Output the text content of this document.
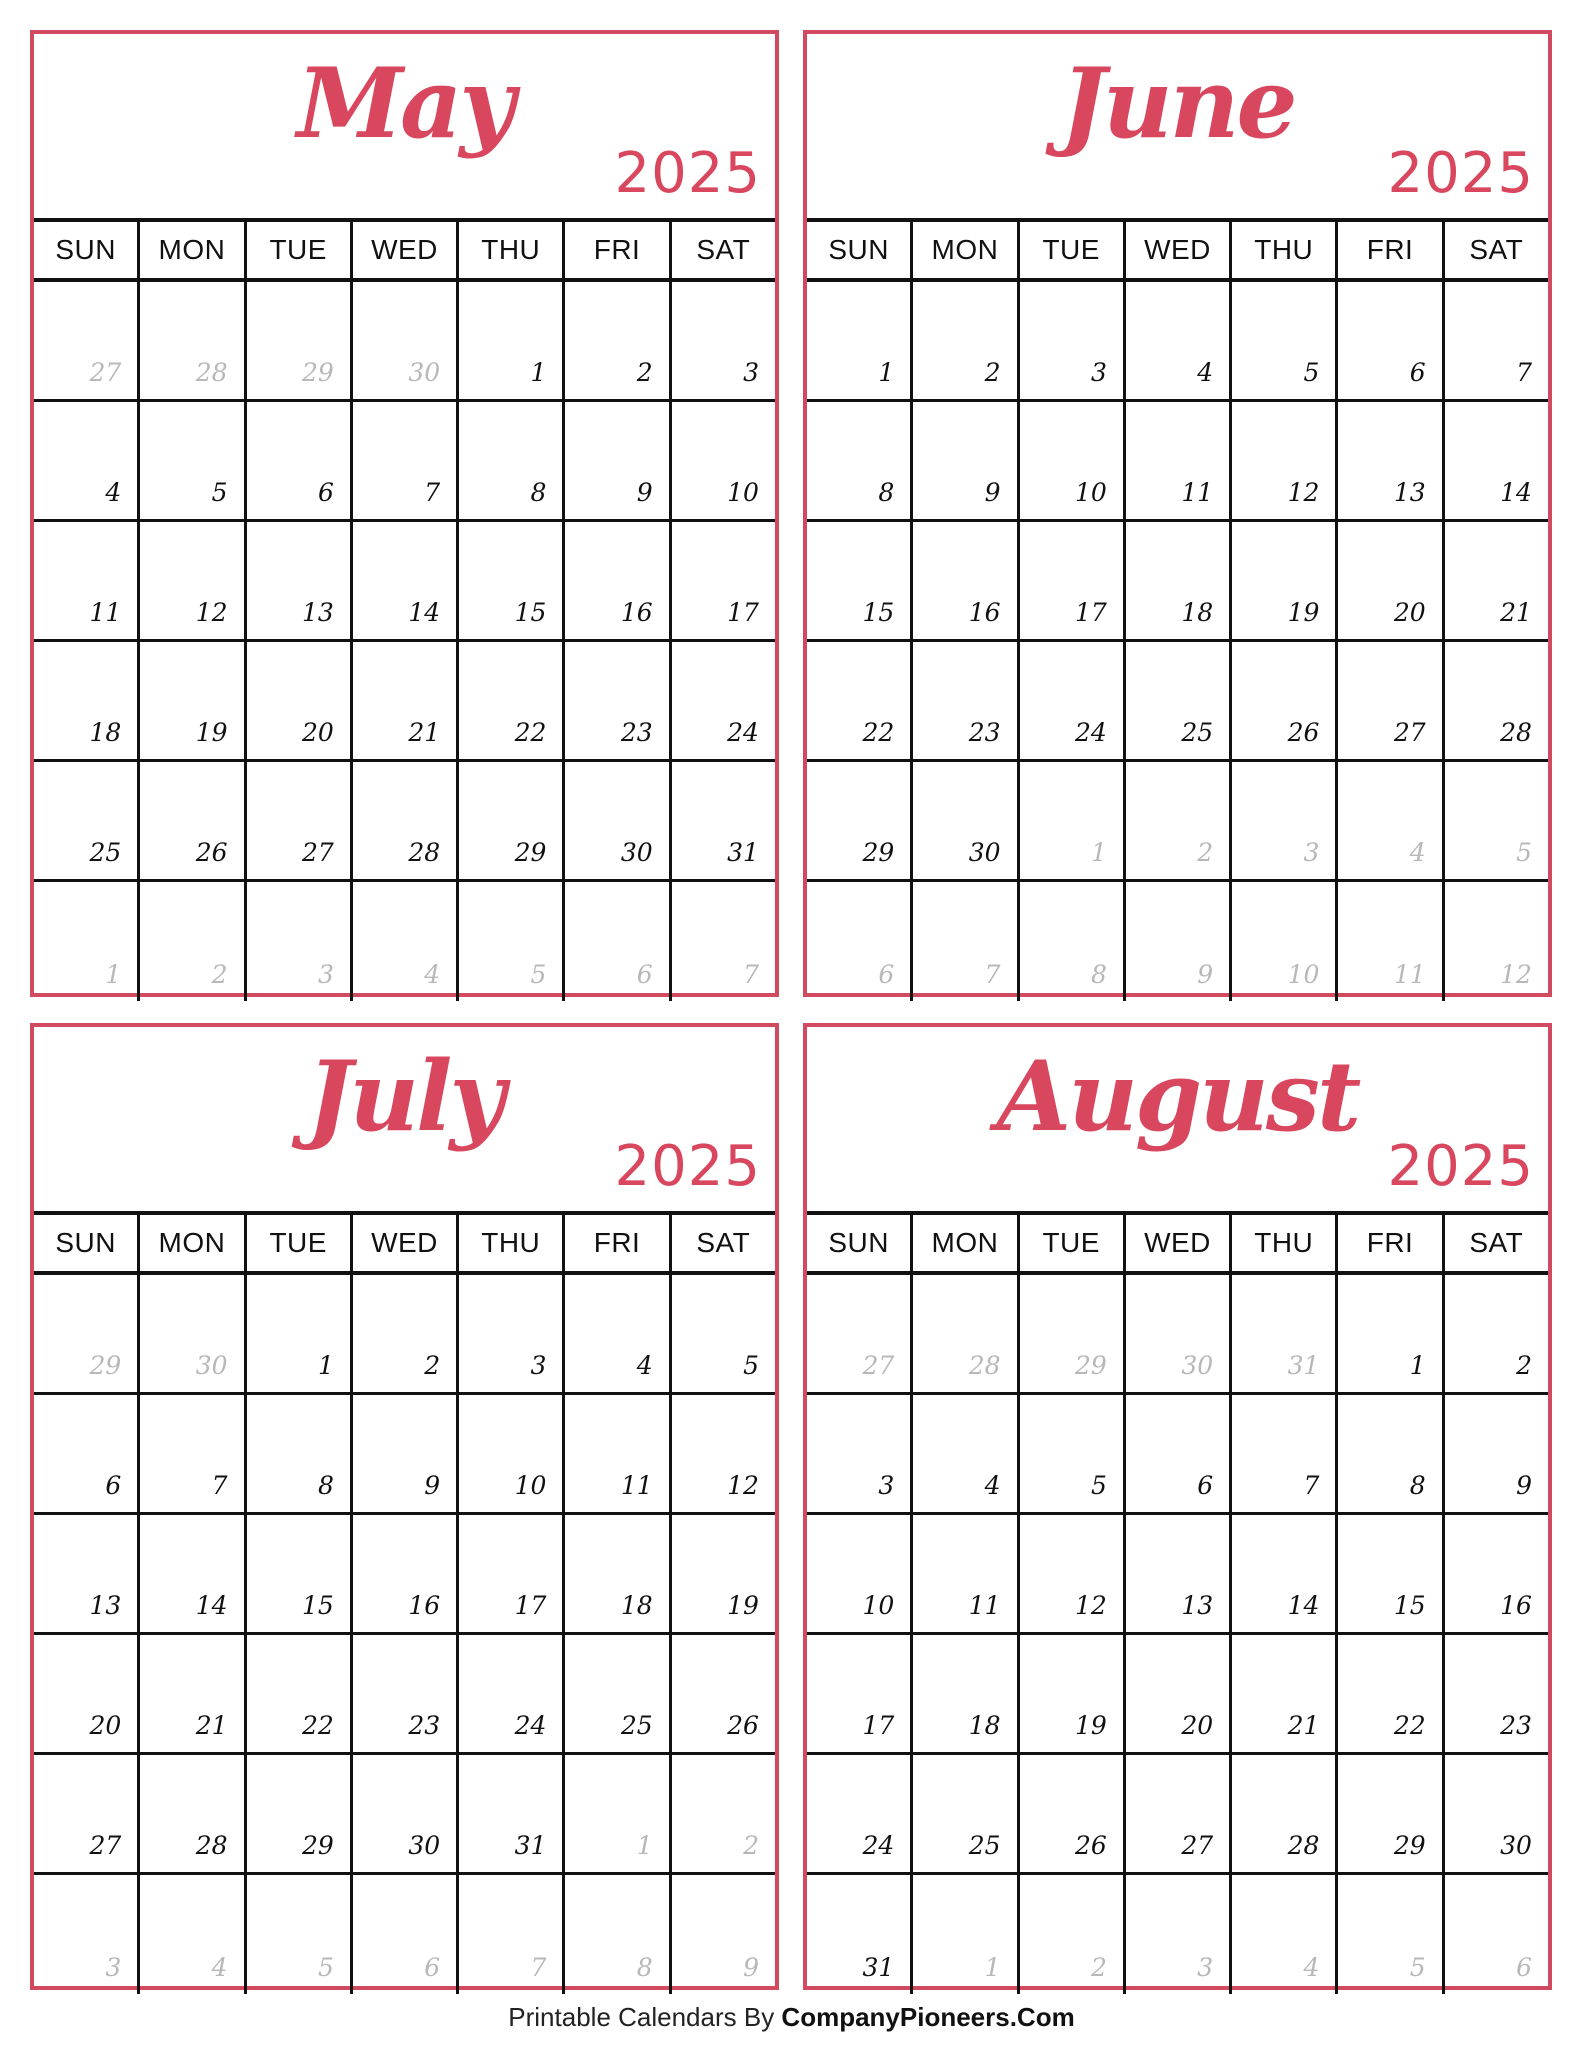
May
2025
SUN	MON	TUE	WED	THU	FRI	SAT
27	28	29	30	1	2	3
4	5	6	7	8	9	10
11	12	13	14	15	16	17
18	19	20	21	22	23	24
25	26	27	28	29	30	31
1	2	3	4	5	6	7
June
2025
SUN	MON	TUE	WED	THU	FRI	SAT
1	2	3	4	5	6	7
8	9	10	11	12	13	14
15	16	17	18	19	20	21
22	23	24	25	26	27	28
29	30	1	2	3	4	5
6	7	8	9	10	11	12
July
2025
SUN	MON	TUE	WED	THU	FRI	SAT
29	30	1	2	3	4	5
6	7	8	9	10	11	12
13	14	15	16	17	18	19
20	21	22	23	24	25	26
27	28	29	30	31	1	2
3	4	5	6	7	8	9
August
2025
SUN	MON	TUE	WED	THU	FRI	SAT
27	28	29	30	31	1	2
3	4	5	6	7	8	9
10	11	12	13	14	15	16
17	18	19	20	21	22	23
24	25	26	27	28	29	30
31	1	2	3	4	5	6
Printable Calendars By CompanyPioneers.Com
